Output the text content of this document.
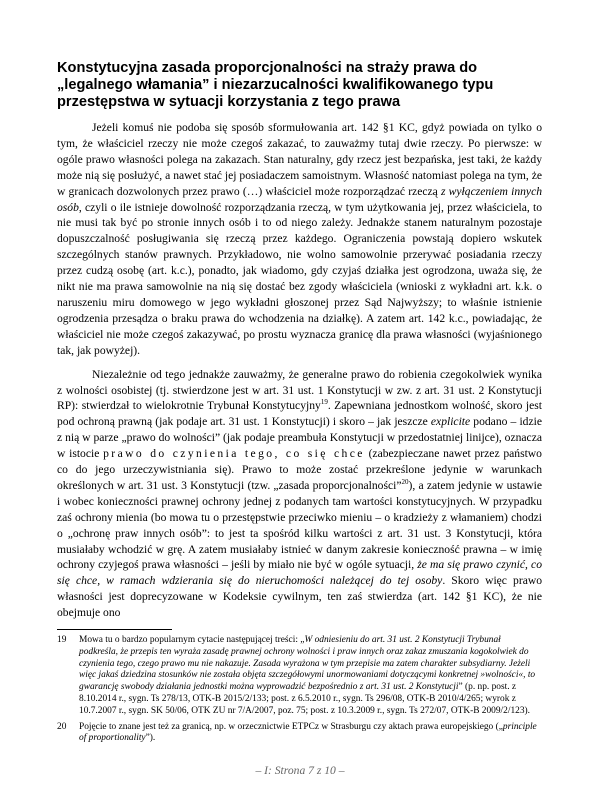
Konstytucyjna zasada proporcjonalności na straży prawa do „legalnego włamania” i niezarzucalności kwalifikowanego typu przestępstwa w sytuacji korzystania z tego prawa

Jeżeli komuś nie podoba się sposób sformułowania art. 142 §1 KC, gdyż powiada on tylko o tym, że właściciel rzeczy nie może czegoś zakazać, to zauważmy tutaj dwie rzeczy. Po pierwsze: w ogóle prawo własności polega na zakazach. Stan naturalny, gdy rzecz jest bezpańska, jest taki, że każdy może nią się posłużyć, a nawet stać jej posiadaczem samoistnym. Własność natomiast polega na tym, że w granicach dozwolonych przez prawo (…) właściciel może rozporządzać rzeczą z wyłączeniem innych osób, czyli o ile istnieje dowolność rozporządzania rzeczą, w tym użytkowania jej, przez właściciela, to nie musi tak być po stronie innych osób i to od niego zależy. Jednakże stanem naturalnym pozostaje dopuszczalność posługiwania się rzeczą przez każdego. Ograniczenia powstają dopiero wskutek szczególnych stanów prawnych. Przykładowo, nie wolno samowolnie przerywać posiadania rzeczy przez cudzą osobę (art. k.c.), ponadto, jak wiadomo, gdy czyjaś działka jest ogrodzona, uważa się, że nikt nie ma prawa samowolnie na nią się dostać bez zgody właściciela (wnioski z wykładni art. k.k. o naruszeniu miru domowego w jego wykładni głoszonej przez Sąd Najwyższy; to właśnie istnienie ogrodzenia przesądza o braku prawa do wchodzenia na działkę). A zatem art. 142 k.c., powiadając, że właściciel nie może czegoś zakazywać, po prostu wyznacza granicę dla prawa własności (wyjaśnionego tak, jak powyżej).

Niezależnie od tego jednakże zauważmy, że generalne prawo do robienia czegokolwiek wynika z wolności osobistej (tj. stwierdzone jest w art. 31 ust. 1 Konstytucji w zw. z art. 31 ust. 2 Konstytucji RP): stwierdzał to wielokrotnie Trybunał Konstytucyjny$^{19}$. Zapewniana jednostkom wolność, skoro jest pod ochroną prawną (jak podaje art. 31 ust. 1 Konstytucji) i skoro – jak jeszcze explicite podano – idzie z nią w parze „prawo do wolności” (jak podaje preambuła Konstytucji w przedostatniej linijce), oznacza w istocie prawo do czynienia tego, co się chce (zabezpieczane nawet przez państwo co do jego urzeczywistniania się). Prawo to może zostać przekreślone jedynie w warunkach określonych w art. 31 ust. 3 Konstytucji (tzw. „zasada proporcjonalności”$^{20}$), a zatem jedynie w ustawie i wobec konieczności prawnej ochrony jednej z podanych tam wartości konstytucyjnych. W przypadku zaś ochrony mienia (bo mowa tu o przestępstwie przeciwko mieniu – o kradzieży z włamaniem) chodzi o „ochronę praw innych osób”: to jest ta spośród kilku wartości z art. 31 ust. 3 Konstytucji, która musiałaby wchodzić w grę. A zatem musiałaby istnieć w danym zakresie konieczność prawna – w imię ochrony czyjegoś prawa własności – jeśli by miało nie być w ogóle sytuacji, że ma się prawo czynić, co się chce, w ramach wdzierania się do nieruchomości należącej do tej osoby. Skoro więc prawo własności jest doprecyzowane w Kodeksie cywilnym, ten zaś stwierdza (art. 142 §1 KC), że nie obejmuje ono

19	Mowa tu o bardzo popularnym cytacie następującej treści: „W odniesieniu do art. 31 ust. 2 Konstytucji Trybunał podkreśla, że przepis ten wyraża zasadę prawnej ochrony wolności i praw innych oraz zakaz zmuszania kogokolwiek do czynienia tego, czego prawo mu nie nakazuje. Zasada wyrażona w tym przepisie ma zatem charakter subsydiarny. Jeżeli więc jakaś dziedzina stosunków nie została objęta szczegółowymi unormowaniami dotyczącymi konkretnej »wolności«, to gwarancję swobody działania jednostki można wyprowadzić bezpośrednio z art. 31 ust. 2 Konstytucji” (p. np. post. z 8.10.2014 r., sygn. Ts 278/13, OTK-B 2015/2/133; post. z 6.5.2010 r., sygn. Ts 296/08, OTK-B 2010/4/265; wyrok z 10.7.2007 r., sygn. SK 50/06, OTK ZU nr 7/A/2007, poz. 75; post. z 10.3.2009 r., sygn. Ts 272/07, OTK-B 2009/2/123).
20	Pojęcie to znane jest też za granicą, np. w orzecznictwie ETPCz w Strasburgu czy aktach prawa europejskiego („principle of proportionality”).
– I: Strona 7 z 10 –
